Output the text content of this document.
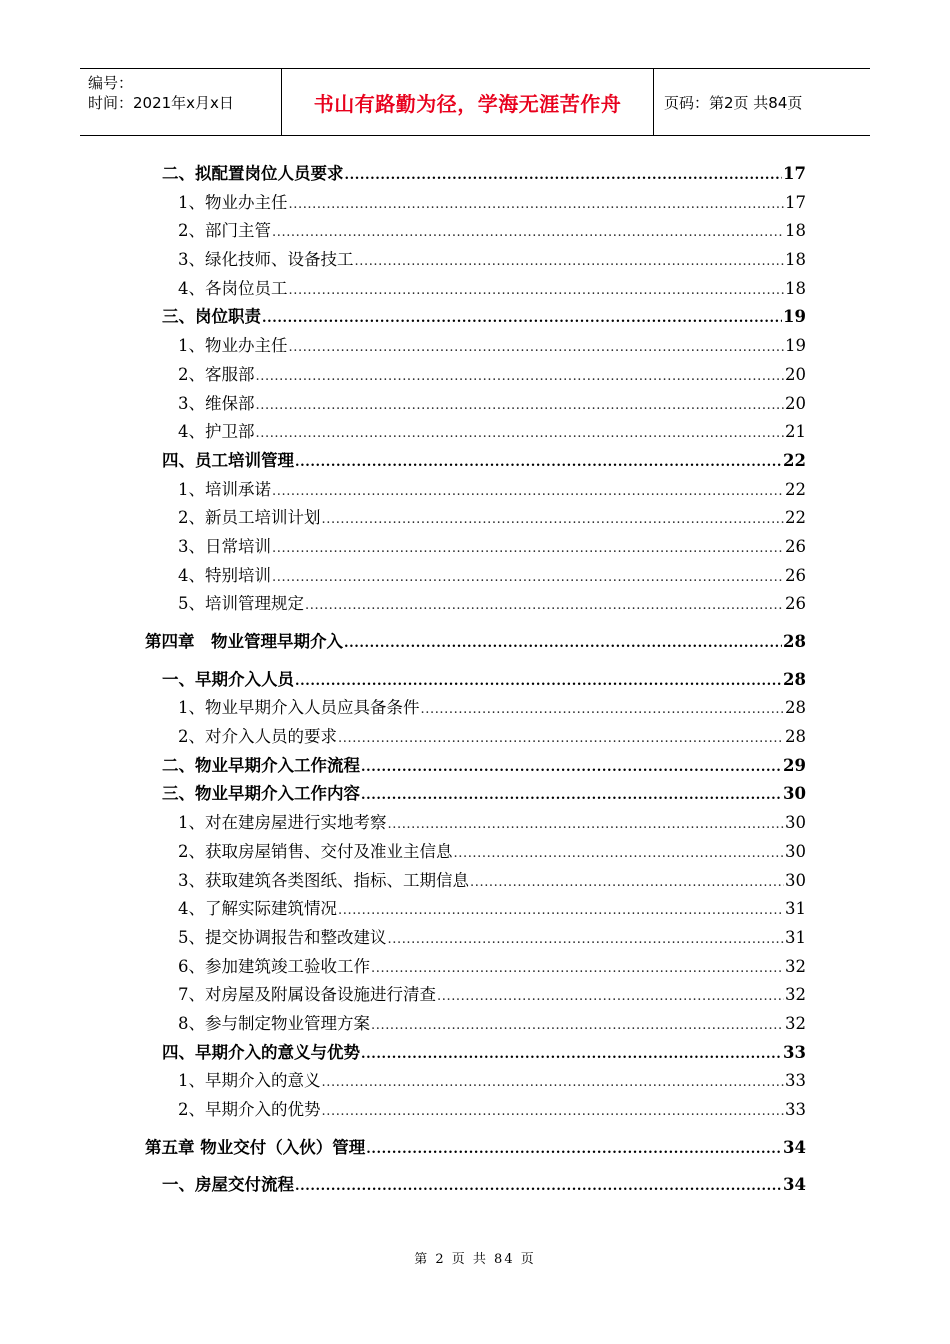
编号：
时间：2021年x月x日	书山有路勤为径，学海无涯苦作舟	页码：第2页 共84页
二、拟配置岗位人员要求 .....	17
1、物业办主任 .....	17
2、部门主管 .....	18
3、绿化技师、设备技工 .....	18
4、各岗位员工 .....	18
三、岗位职责 .....	19
1、物业办主任 .....	19
2、客服部 .....	20
3、维保部 .....	20
4、护卫部 .....	21
四、员工培训管理 .....	22
1、培训承诺 .....	22
2、新员工培训计划 .....	22
3、日常培训 .....	26
4、特别培训 .....	26
5、培训管理规定 .....	26
第四章　物业管理早期介入 .....	28
一、早期介入人员 .....	28
1、物业早期介入人员应具备条件 .....	28
2、对介入人员的要求 .....	28
二、物业早期介入工作流程 .....	29
三、物业早期介入工作内容 .....	30
1、对在建房屋进行实地考察 .....	30
2、获取房屋销售、交付及准业主信息 .....	30
3、获取建筑各类图纸、指标、工期信息 .....	30
4、了解实际建筑情况 .....	31
5、提交协调报告和整改建议 .....	31
6、参加建筑竣工验收工作 .....	32
7、对房屋及附属设备设施进行清查 .....	32
8、参与制定物业管理方案 .....	32
四、早期介入的意义与优势 .....	33
1、早期介入的意义 .....	33
2、早期介入的优势 .....	33
第五章 物业交付（入伙）管理 .....	34
一、房屋交付流程 .....	34
第 2 页 共 84 页
